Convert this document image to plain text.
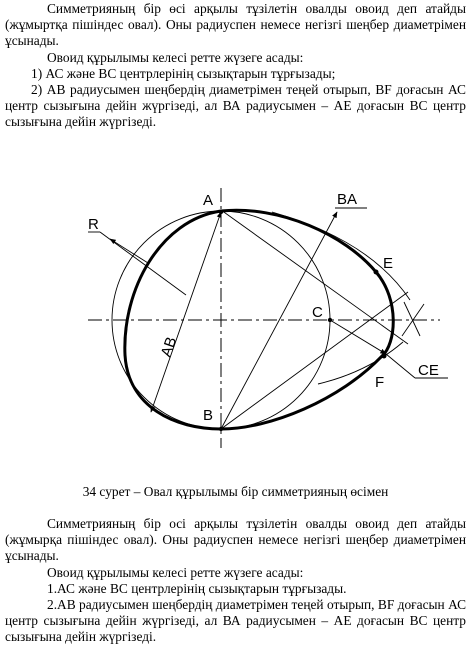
Симметрияның бір өсі арқылы тұзілетін овалды овоид деп атайды (жұмыртқа пішіндес овал). Оны радиуспен немесе негізгі шеңбер диаметрімен ұсынады.

Овоид құрылымы келесі ретте жүзеге асады:

1) АС және ВС центрлерінің сызықтарын тұрғызады;

2) АВ радиусымен шеңбердің диаметрімен теңей отырып, BF доғасын АС центр сызығына дейін жүргізеді, ал ВА радиусымен – АЕ доғасын ВС центр сызығына дейін жүргізеді.

A
B
C
E
F
R
BA
CE
AB

34 сурет – Овал құрылымы бір симметрияның өсімен

Симметрияның бір осі арқылы тұзілетін овалды овоид деп атайды (жұмырқа пішіндес овал). Оны радиуспен немесе негізгі шеңбер диаметрімен ұсынады.

Овоид құрылымы келесі ретте жүзеге асады:

1.АС және ВС центрлерінің сызықтарын тұрғызады.

2.АВ радиусымен шеңбердің диаметрімен теңей отырып, BF доғасын АС центр сызығына дейін жүргізеді, ал ВА радиусымен – АЕ доғасын ВС центр сызығына дейін жүргізеді.
